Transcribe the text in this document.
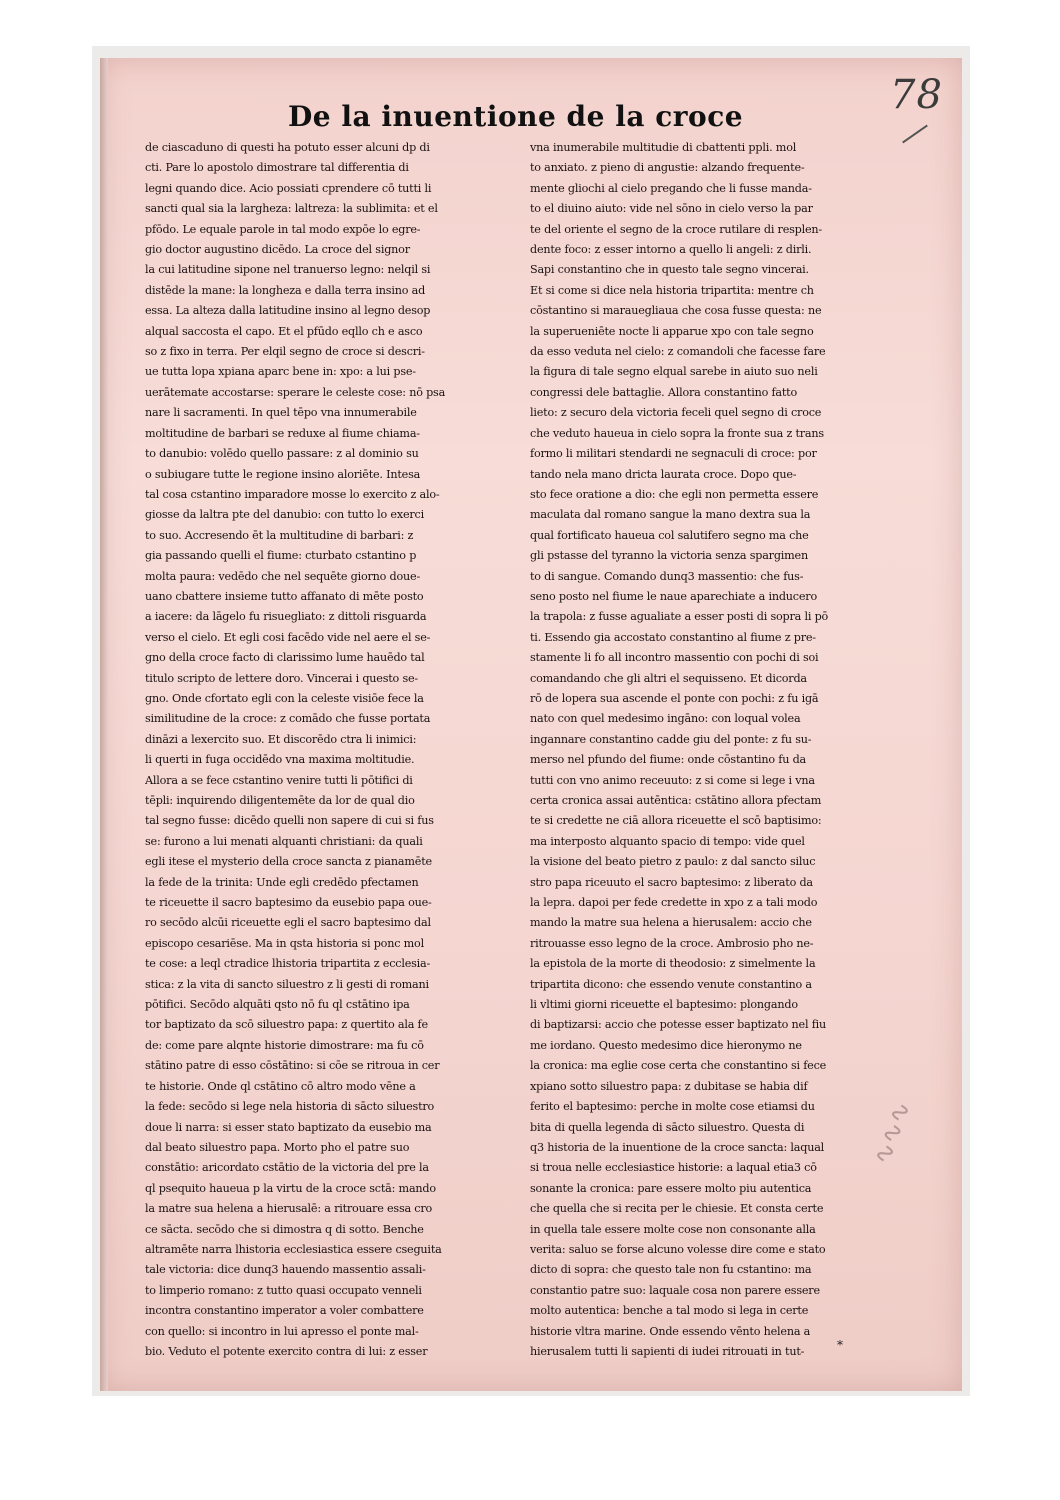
78
De la inuentione de la croce
de ciascaduno di questi ha potuto esser alcuni dp di
cti. Pare lo apostolo dimostrare tal differentia di
legni quando dice. Acio possiati cprendere cō tutti li
sancti qual sia la largheza: laltreza: la sublimita: et el
pfōdo. Le equale parole in tal modo expōe lo egre-
gio doctor augustino dicēdo. La croce del signor
la cui latitudine sipone nel tranuerso legno: nelqil si
distēde la mane: la longheza e dalla terra insino ad
essa. La alteza dalla latitudine insino al legno desop
alqual saccosta el capo. Et el pfūdo eqllo ch e asco
so z fixo in terra. Per elqil segno de croce si descri-
ue tutta lopa xpiana aparc bene in: xpo: a lui pse-
uerātemate accostarse: sperare le celeste cose: nō psa
nare li sacramenti. In quel tēpo vna innumerabile
moltitudine de barbari se reduxe al fiume chiama-
to danubio: volēdo quello passare: z al dominio su
o subiugare tutte le regione insino aloriēte. Intesa
tal cosa cstantino imparadore mosse lo exercito z alo-
giosse da laltra pte del danubio: con tutto lo exerci
to suo. Accresendo ēt la multitudine di barbari: z
gia passando quelli el fiume: cturbato cstantino p
molta paura: vedēdo che nel sequēte giorno doue-
uano cbattere insieme tutto affanato di mēte posto
a iacere: da lāgelo fu risuegliato: z dittoli risguarda
verso el cielo. Et egli cosi facēdo vide nel aere el se-
gno della croce facto di clarissimo lume hauēdo tal
titulo scripto de lettere doro. Vincerai i questo se-
gno. Onde cfortato egli con la celeste visiōe fece la
similitudine de la croce: z comādo che fusse portata
dināzi a lexercito suo. Et discorēdo ctra li inimici:
li querti in fuga occidēdo vna maxima moltitudie.
Allora a se fece cstantino venire tutti li pōtifici di
tēpli: inquirendo diligentemēte da lor de qual dio
tal segno fusse: dicēdo quelli non sapere di cui si fus
se: furono a lui menati alquanti christiani: da quali
egli itese el mysterio della croce sancta z pianamēte
la fede de la trinita: Unde egli credēdo pfectamen
te riceuette il sacro baptesimo da eusebio papa oue-
ro secōdo alcūi riceuette egli el sacro baptesimo dal
episcopo cesariēse. Ma in qsta historia si ponc mol
te cose: a leql ctradice lhistoria tripartita z ecclesia-
stica: z la vita di sancto siluestro z li gesti di romani
pōtifici. Secōdo alquāti qsto nō fu ql cstātino ipa
tor baptizato da scō siluestro papa: z quertito ala fe
de: come pare alqnte historie dimostrare: ma fu cō
stātino patre di esso cōstātino: si cōe se ritroua in cer
te historie. Onde ql cstātino cō altro modo vēne a
la fede: secōdo si lege nela historia di sācto siluestro
doue li narra: si esser stato baptizato da eusebio ma
dal beato siluestro papa. Morto pho el patre suo
constātio: aricordato cstātio de la victoria del pre la
ql psequito haueua p la virtu de la croce sctā: mando
la matre sua helena a hierusalē: a ritrouare essa cro
ce sācta. secōdo che si dimostra q di sotto. Benche
altramēte narra lhistoria ecclesiastica essere cseguita
tale victoria: dice dunq3 hauendo massentio assali-
to limperio romano: z tutto quasi occupato venneli
incontra constantino imperator a voler combattere
con quello: si incontro in lui apresso el ponte mal-
bio. Veduto el potente exercito contra di lui: z esser
vna inumerabile multitudie di cbattenti ppli. mol
to anxiato. z pieno di angustie: alzando frequente-
mente gliochi al cielo pregando che li fusse manda-
to el diuino aiuto: vide nel sōno in cielo verso la par
te del oriente el segno de la croce rutilare di resplen-
dente foco: z esser intorno a quello li angeli: z dirli.
Sapi constantino che in questo tale segno vincerai.
Et si come si dice nela historia tripartita: mentre ch
cōstantino si marauegliaua che cosa fusse questa: ne
la superueniēte nocte li apparue xpo con tale segno
da esso veduta nel cielo: z comandoli che facesse fare
la figura di tale segno elqual sarebe in aiuto suo neli
congressi dele battaglie. Allora constantino fatto
lieto: z securo dela victoria feceli quel segno di croce
che veduto haueua in cielo sopra la fronte sua z trans
formo li militari stendardi ne segnaculi di croce: por
tando nela mano dricta laurata croce. Dopo que-
sto fece oratione a dio: che egli non permetta essere
maculata dal romano sangue la mano dextra sua la
qual fortificato haueua col salutifero segno ma che
gli pstasse del tyranno la victoria senza spargimen
to di sangue. Comando dunq3 massentio: che fus-
seno posto nel fiume le naue aparechiate a inducero
la trapola: z fusse agualiate a esser posti di sopra li pō
ti. Essendo gia accostato constantino al fiume z pre-
stamente li fo all incontro massentio con pochi di soi
comandando che gli altri el sequisseno. Et dicorda
rō de lopera sua ascende el ponte con pochi: z fu igā
nato con quel medesimo ingāno: con loqual volea
ingannare constantino cadde giu del ponte: z fu su-
merso nel pfundo del fiume: onde cōstantino fu da
tutti con vno animo receuuto: z si come si lege i vna
certa cronica assai autēntica: cstātino allora pfectam
te si credette ne ciā allora riceuette el scō baptisimo:
ma interposto alquanto spacio di tempo: vide quel
la visione del beato pietro z paulo: z dal sancto siluc
stro papa riceuuto el sacro baptesimo: z liberato da
la lepra. dapoi per fede credette in xpo z a tali modo
mando la matre sua helena a hierusalem: accio che
ritrouasse esso legno de la croce. Ambrosio pho ne-
la epistola de la morte di theodosio: z simelmente la
tripartita dicono: che essendo venute constantino a
li vltimi giorni riceuette el baptesimo: plongando
di baptizarsi: accio che potesse esser baptizato nel fiu
me iordano. Questo medesimo dice hieronymo ne
la cronica: ma eglie cose certa che constantino si fece
xpiano sotto siluestro papa: z dubitase se habia dif
ferito el baptesimo: perche in molte cose etiamsi du
bita di quella legenda di sācto siluestro. Questa di
q3 historia de la inuentione de la croce sancta: laqual
si troua nelle ecclesiastice historie: a laqual etia3 cō
sonante la cronica: pare essere molto piu autentica
che quella che si recita per le chiesie. Et consta certe
in quella tale essere molte cose non consonante alla
verita: saluo se forse alcuno volesse dire come e stato
dicto di sopra: che questo tale non fu cstantino: ma
constantio patre suo: laquale cosa non parere essere
molto autentica: benche a tal modo si lega in certe
historie vltra marine. Onde essendo vēnto helena a
hierusalem tutti li sapienti di iudei ritrouati in tut-
∿∿∿
*
